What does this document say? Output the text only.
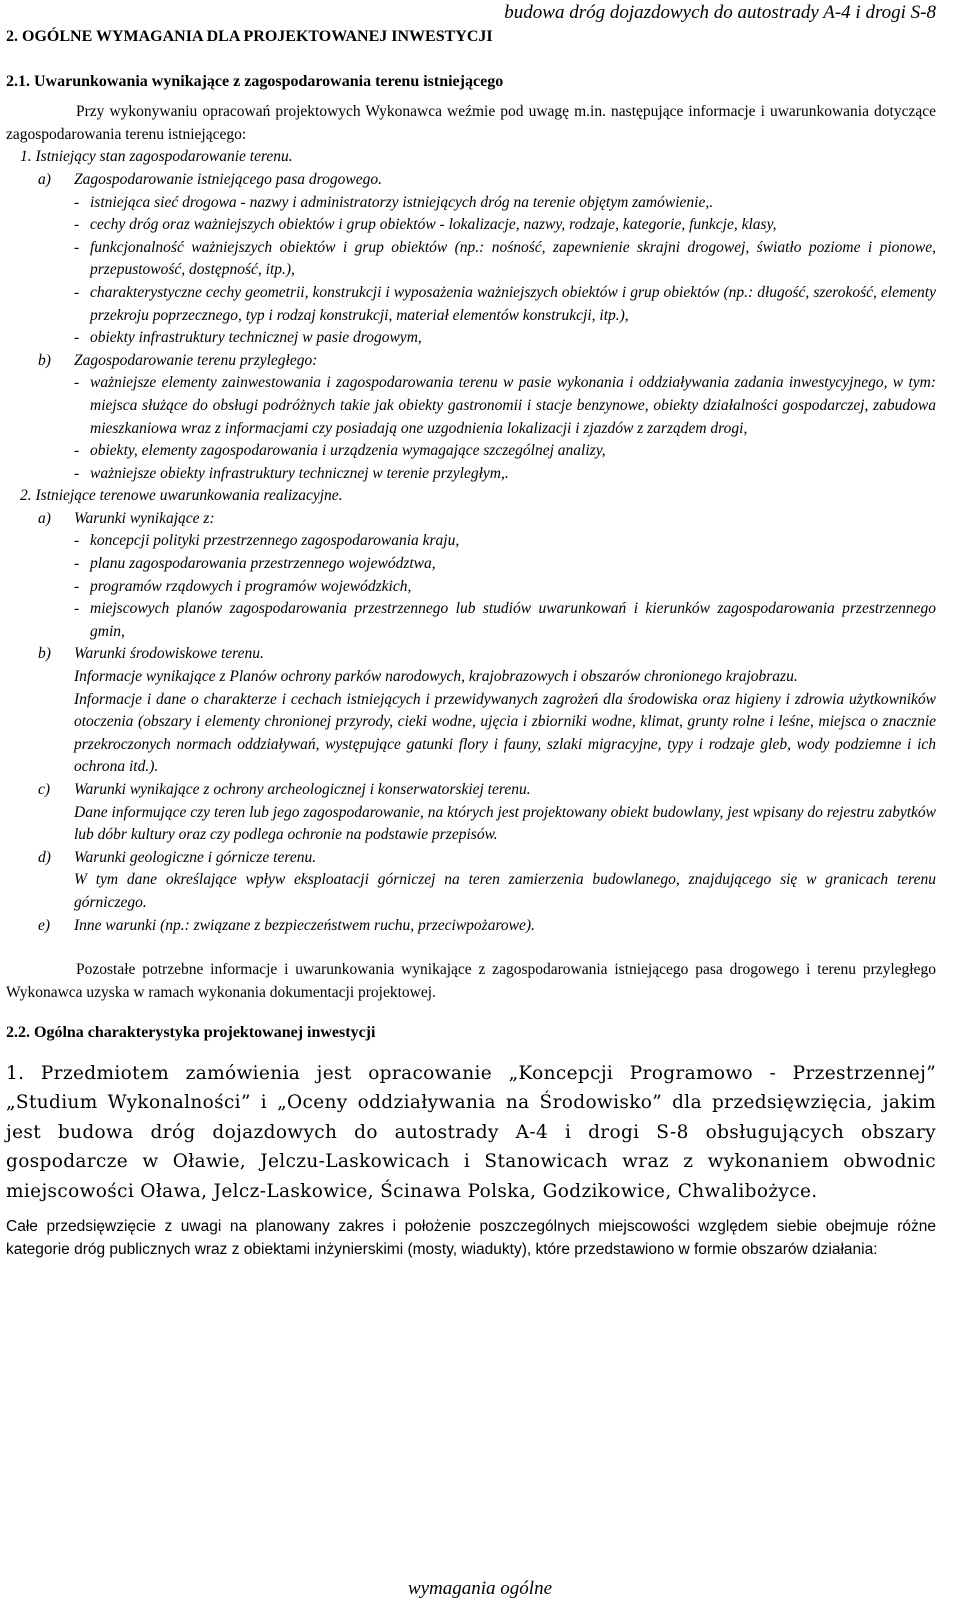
budowa dróg dojazdowych do autostrady A-4 i drogi S-8
2. OGÓLNE WYMAGANIA DLA PROJEKTOWANEJ INWESTYCJI
2.1. Uwarunkowania wynikające z zagospodarowania terenu istniejącego
Przy wykonywaniu opracowań projektowych Wykonawca weźmie pod uwagę m.in. następujące informacje i uwarunkowania dotyczące zagospodarowania terenu istniejącego:
1. Istniejący stan zagospodarowanie terenu.
a)	Zagospodarowanie istniejącego pasa drogowego.
- istniejąca sieć drogowa - nazwy i administratorzy istniejących dróg na terenie objętym zamówienie,.
- cechy dróg oraz ważniejszych obiektów i grup obiektów - lokalizacje, nazwy, rodzaje, kategorie, funkcje, klasy,
- funkcjonalność ważniejszych obiektów i grup obiektów (np.: nośność, zapewnienie skrajni drogowej, światło poziome i pionowe, przepustowość, dostępność, itp.),
- charakterystyczne cechy geometrii, konstrukcji i wyposażenia ważniejszych obiektów i grup obiektów (np.: długość, szerokość, elementy przekroju poprzecznego, typ i rodzaj konstrukcji, materiał elementów konstrukcji, itp.),
- obiekty infrastruktury technicznej w pasie drogowym,
b)	Zagospodarowanie terenu przyległego:
- ważniejsze elementy zainwestowania i zagospodarowania terenu w pasie wykonania i oddziaływania zadania inwestycyjnego, w tym: miejsca służące do obsługi podróżnych takie jak obiekty gastronomii i stacje benzynowe, obiekty działalności gospodarczej, zabudowa mieszkaniowa wraz z informacjami czy posiadają one uzgodnienia lokalizacji i zjazdów z zarządem drogi,
- obiekty, elementy zagospodarowania i urządzenia wymagające szczególnej analizy,
- ważniejsze obiekty infrastruktury technicznej w terenie przyległym,.
2. Istniejące terenowe uwarunkowania realizacyjne.
a)	Warunki wynikające z:
- koncepcji polityki przestrzennego zagospodarowania kraju,
- planu zagospodarowania przestrzennego województwa,
- programów rządowych i programów wojewódzkich,
- miejscowych planów zagospodarowania przestrzennego lub studiów uwarunkowań i kierunków zagospodarowania przestrzennego gmin,
b)	Warunki środowiskowe terenu.
Informacje wynikające z Planów ochrony parków narodowych, krajobrazowych i obszarów chronionego krajobrazu.
Informacje i dane o charakterze i cechach istniejących i przewidywanych zagrożeń dla środowiska oraz higieny i zdrowia użytkowników otoczenia (obszary i elementy chronionej przyrody, cieki wodne, ujęcia i zbiorniki wodne, klimat, grunty rolne i leśne, miejsca o znacznie przekroczonych normach oddziaływań, występujące gatunki flory i fauny, szlaki migracyjne, typy i rodzaje gleb, wody podziemne i ich ochrona itd.).
c)	Warunki wynikające z ochrony archeologicznej i konserwatorskiej terenu.
Dane informujące czy teren lub jego zagospodarowanie, na których jest projektowany obiekt budowlany, jest wpisany do rejestru zabytków lub dóbr kultury oraz czy podlega ochronie na podstawie przepisów.
d)	Warunki geologiczne i górnicze terenu.
W tym dane określające wpływ eksploatacji górniczej na teren zamierzenia budowlanego, znajdującego się w granicach terenu górniczego.
e)	Inne warunki (np.: związane z bezpieczeństwem ruchu, przeciwpożarowe).
Pozostałe potrzebne informacje i uwarunkowania wynikające z zagospodarowania istniejącego pasa drogowego i terenu przyległego Wykonawca uzyska w ramach wykonania dokumentacji projektowej.
2.2. Ogólna charakterystyka projektowanej inwestycji
1. Przedmiotem zamówienia jest opracowanie „Koncepcji Programowo - Przestrzennej” „Studium Wykonalności” i „Oceny oddziaływania na Środowisko” dla przedsięwzięcia, jakim jest budowa dróg dojazdowych do autostrady A-4 i drogi S-8 obsługujących obszary gospodarcze w Oławie, Jelczu-Laskowicach i Stanowicach wraz z wykonaniem obwodnic miejscowości Oława, Jelcz-Laskowice, Ścinawa Polska, Godzikowice, Chwalibożyce.
Całe przedsięwzięcie z uwagi na planowany zakres i położenie poszczególnych miejscowości względem siebie obejmuje różne kategorie dróg publicznych wraz z obiektami inżynierskimi (mosty, wiadukty), które przedstawiono w formie obszarów działania:
wymagania ogólne
